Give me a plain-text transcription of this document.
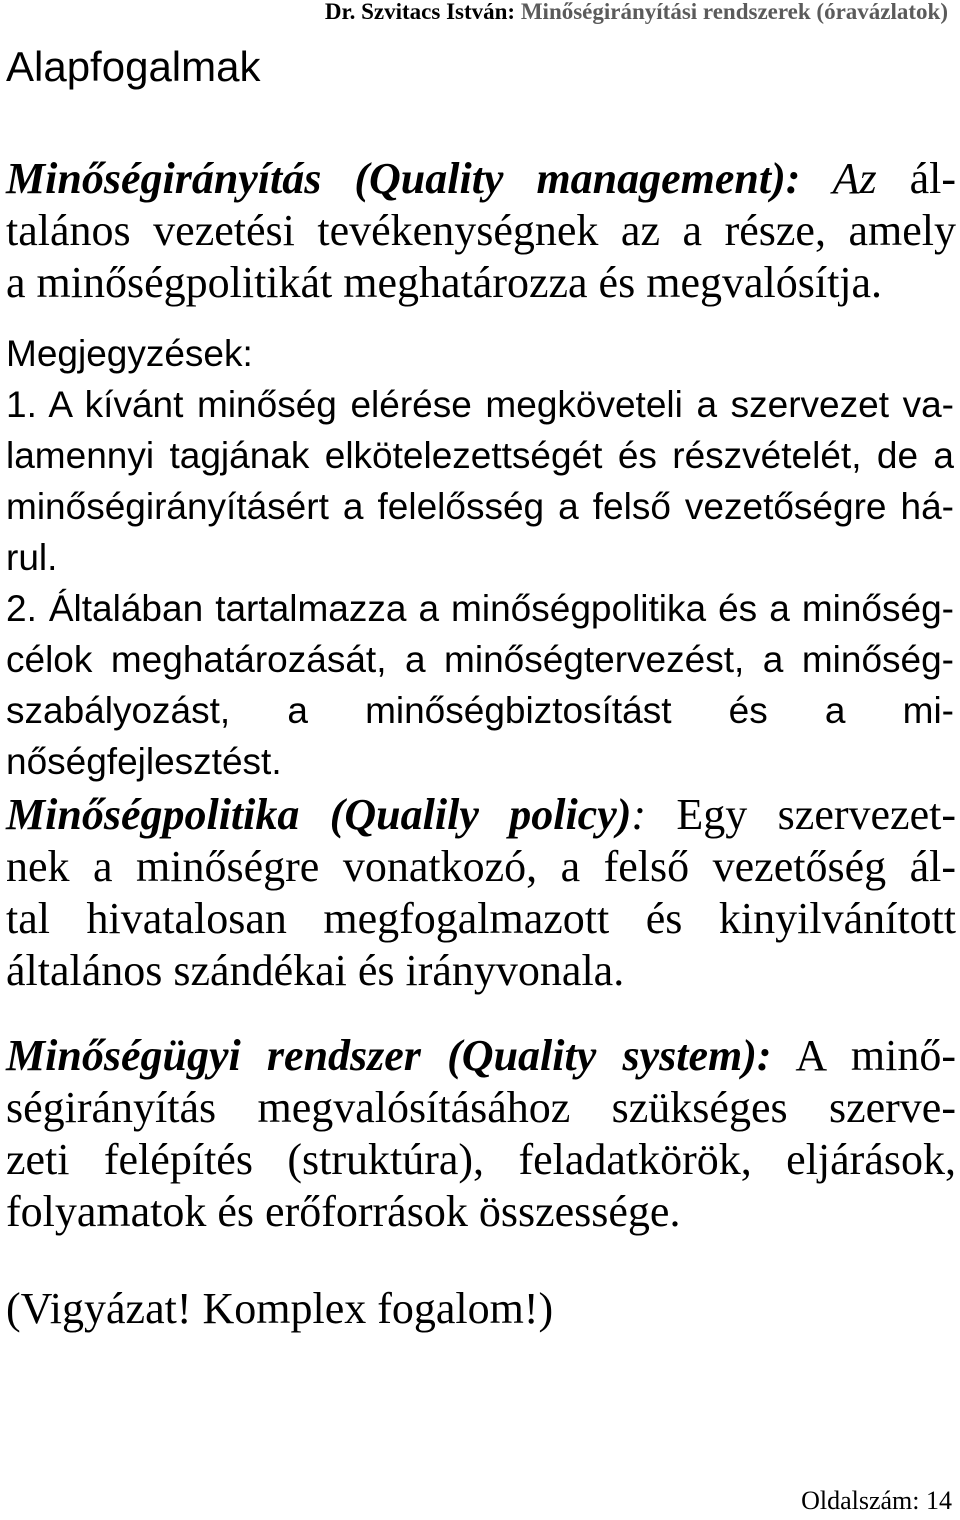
Dr. Szvitacs István: Minőségirányítási rendszerek (óravázlatok)
Alapfogalmak
Minőségirányítás (Quality management): Az ál-
talános vezetési tevékenységnek az a része, amely
a minőségpolitikát meghatározza és megvalósítja.
Megjegyzések:
1. A kívánt minőség elérése megköveteli a szervezet va-
lamennyi tagjának elkötelezettségét és részvételét, de a
minőségirányításért a felelősség a felső vezetőségre há-
rul.
2. Általában tartalmazza a minőségpolitika és a minőség-
célok meghatározását, a minőségtervezést, a minőség-
szabályozást, a minőségbiztosítást és a mi-
nőségfejlesztést.
Minőségpolitika (Qualily policy): Egy szervezet-
nek a minőségre vonatkozó, a felső vezetőség ál-
tal hivatalosan megfogalmazott és kinyilvánított
általános szándékai és irányvonala.
Minőségügyi rendszer (Quality system): A minő-
ségirányítás megvalósításához szükséges szerve-
zeti felépítés (struktúra), feladatkörök, eljárások,
folyamatok és erőforrások összessége.
(Vigyázat! Komplex fogalom!)
Oldalszám: 14
